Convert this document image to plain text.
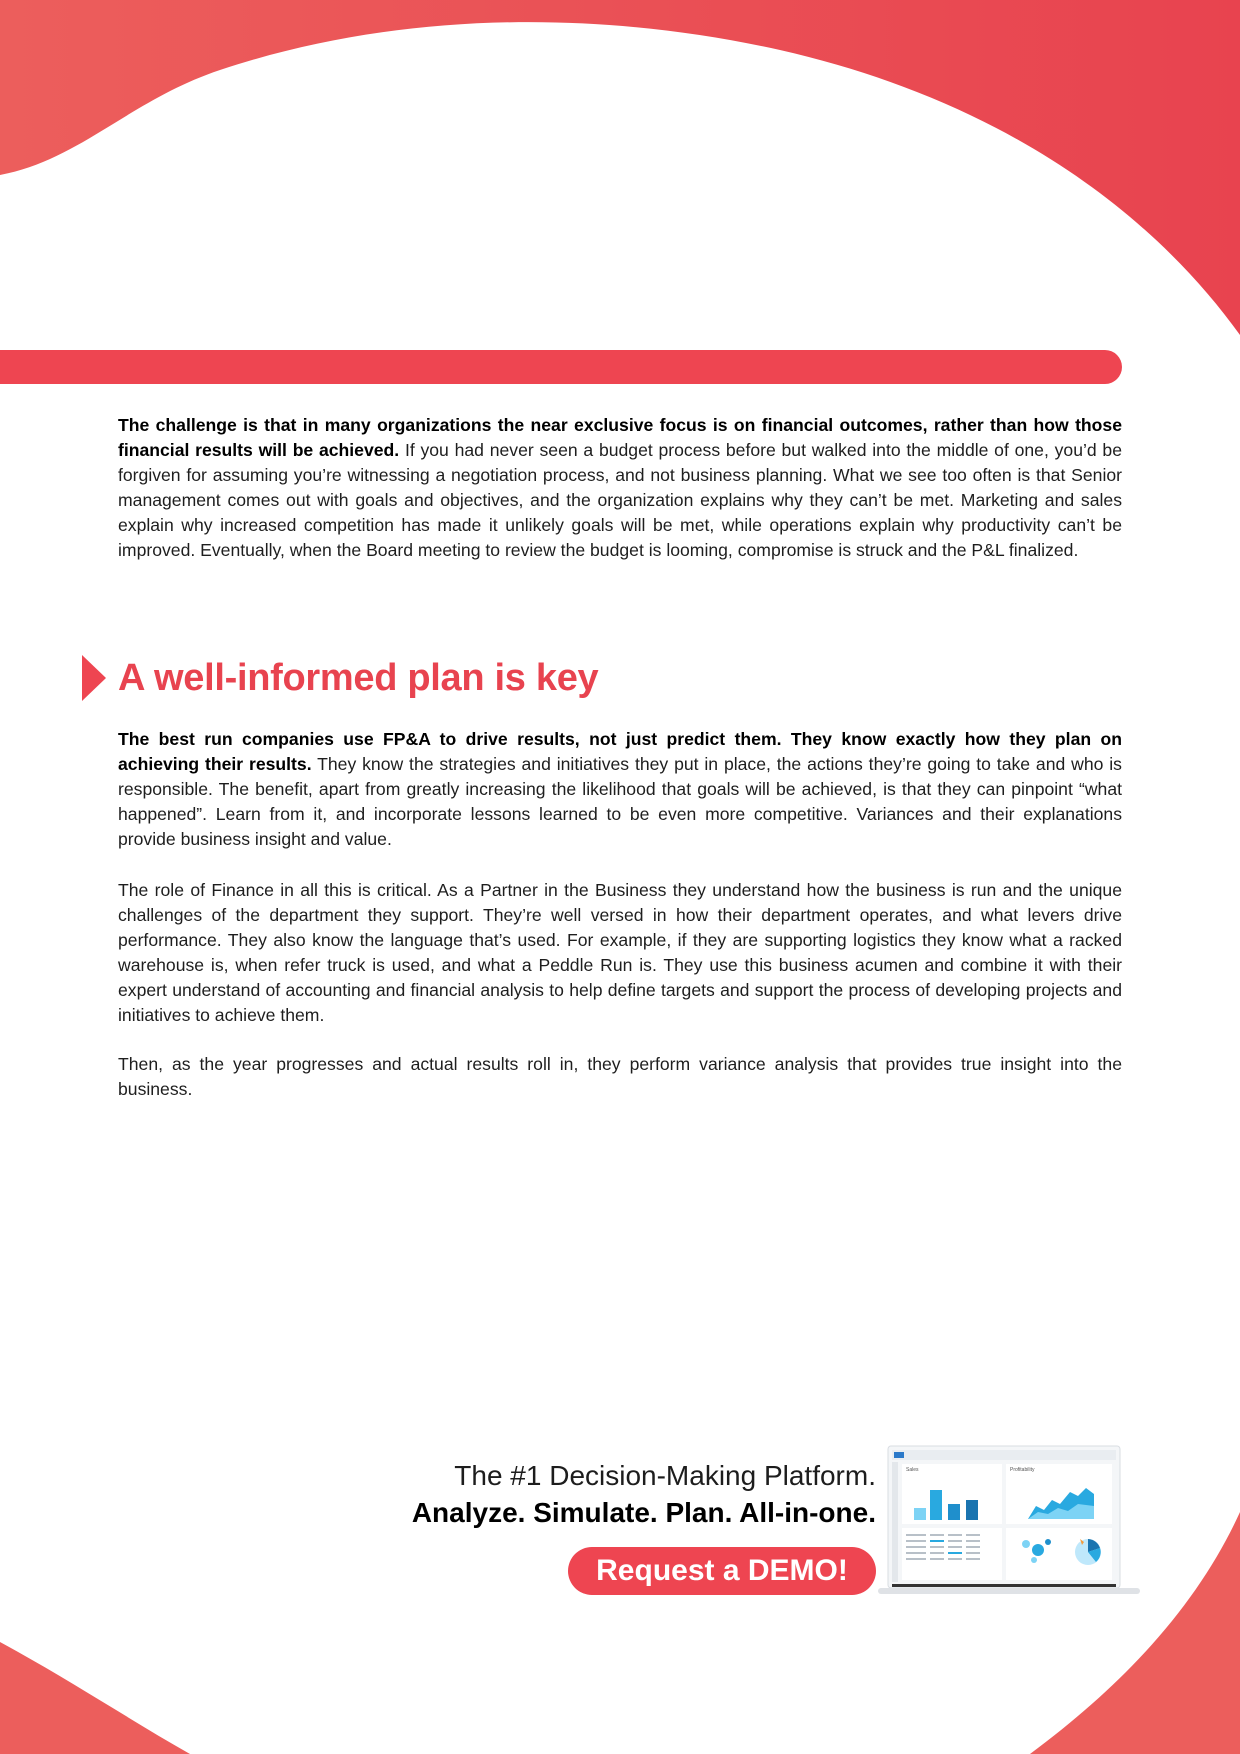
The challenge is that in many organizations the near exclusive focus is on financial outcomes, rather than how those financial results will be achieved. If you had never seen a budget process before but walked into the middle of one, you’d be forgiven for assuming you’re witnessing a negotiation process, and not business planning. What we see too often is that Senior management comes out with goals and objectives, and the organization explains why they can’t be met. Marketing and sales explain why increased competition has made it unlikely goals will be met, while operations explain why productivity can’t be improved. Eventually, when the Board meeting to review the budget is looming, compromise is struck and the P&L finalized.

A well-informed plan is key

The best run companies use FP&A to drive results, not just predict them. They know exactly how they plan on achieving their results. They know the strategies and initiatives they put in place, the actions they’re going to take and who is responsible. The benefit, apart from greatly increasing the likelihood that goals will be achieved, is that they can pinpoint “what happened”. Learn from it, and incorporate lessons learned to be even more competitive. Variances and their explanations provide business insight and value.

The role of Finance in all this is critical. As a Partner in the Business they understand how the business is run and the unique challenges of the department they support. They’re well versed in how their department operates, and what levers drive performance. They also know the language that’s used. For example, if they are supporting logistics they know what a racked warehouse is, when refer truck is used, and what a Peddle Run is. They use this business acumen and combine it with their expert understand of accounting and financial analysis to help define targets and support the process of developing projects and initiatives to achieve them.

Then, as the year progresses and actual results roll in, they perform variance analysis that provides true insight into the business.

The #1 Decision-Making Platform.
Analyze. Simulate. Plan. All-in-one.
Request a DEMO!
Sales	Profitability
